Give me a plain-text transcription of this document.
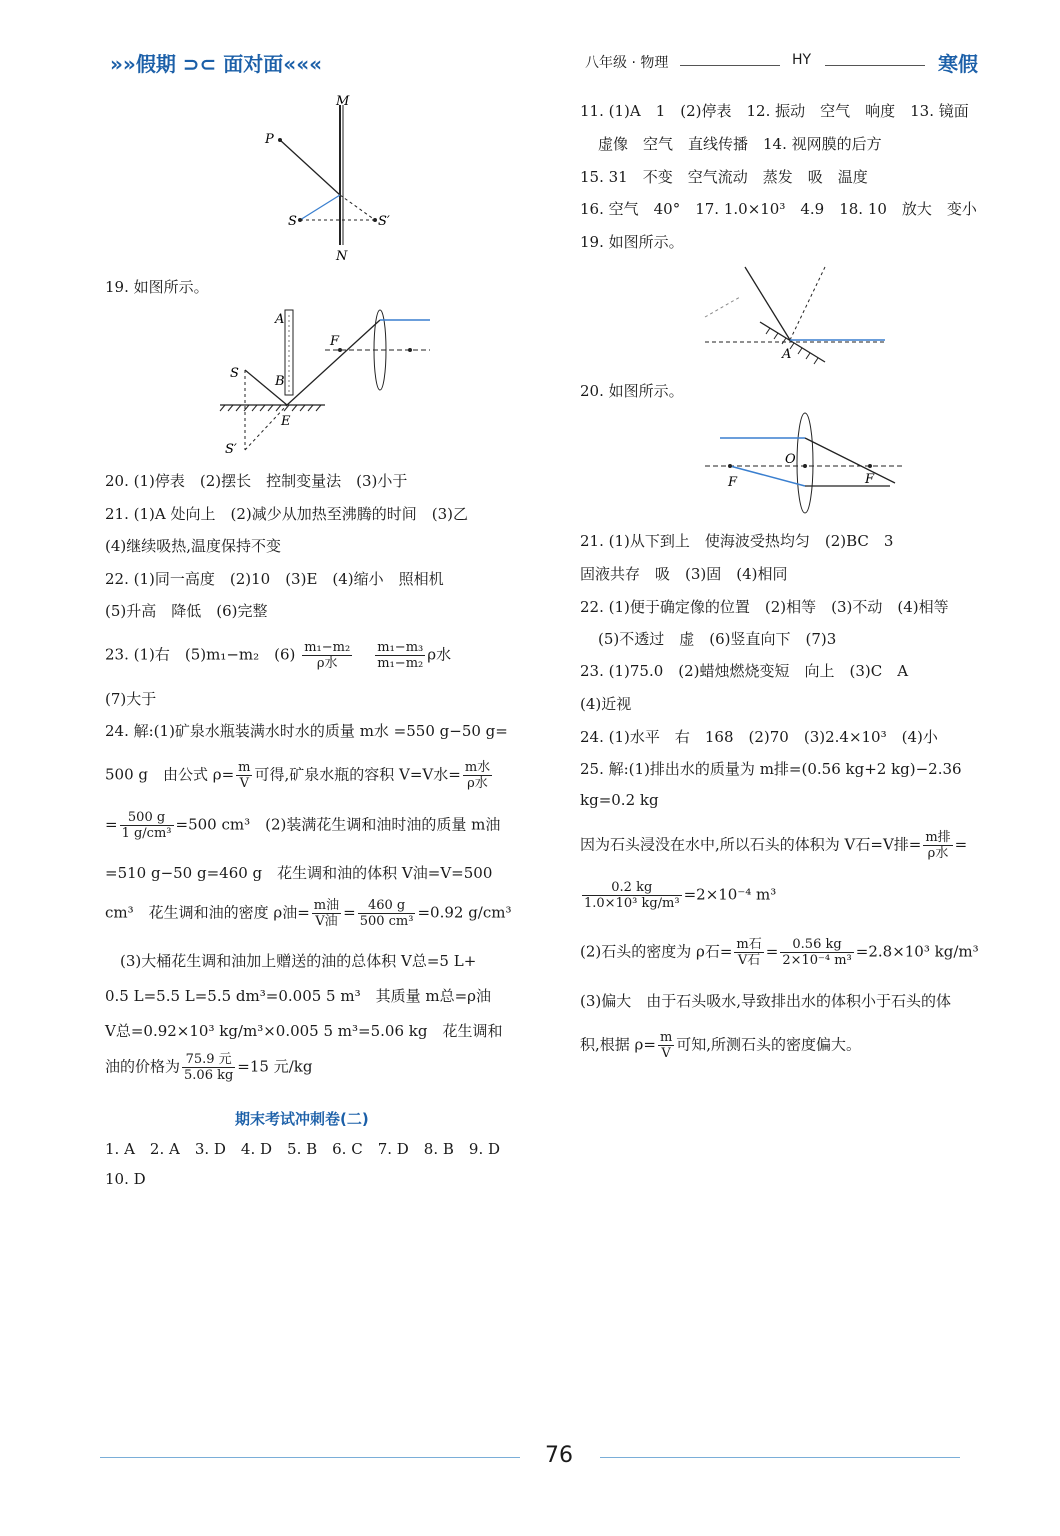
»»假期 ⊃⊂ 面对面«««	八年级 · 物理	HY	寒假
M
P
S	S′
N
19. 如图所示。
A
F
S
B
E
S′
20. (1)停表　(2)摆长　控制变量法　(3)小于
21. (1)A 处向上　(2)减少从加热至沸腾的时间　(3)乙
(4)继续吸热,温度保持不变
22. (1)同一高度　(2)10　(3)E　(4)缩小　照相机
(5)升高　降低　(6)完整
23. (1)右　(5)m₁−m₂　$(6) \frac{\text{m₁−m₂}}{\text{ρ水}}$
$\frac{\text{m₁−m₃}}{\text{m₁−m₂}}$ ρ水
(7)大于
24. 解:(1)矿泉水瓶装满水时水的质量 m水 =550 g−50 g=
500 g　由公式 $\rho= \frac{m}{V}$ 可得,矿泉水瓶的容积 V=V水= $\frac{\text{m水}}{\text{ρ水}}$
= $\frac{500 g}{\text{1 g/cm³}} =500$ cm³　(2)装满花生调和油时油的质量 m油
=510 g−50 g=460 g　花生调和油的体积 V油=V=500
cm³　花生调和油的密度 ρ油= $\frac{\text{m油}}{\text{V油}} = \frac{460 g}{\text{500 cm³}} =0.92$ g/cm³
(3)大桶花生调和油加上赠送的油的总体积 V总=5 L+
0.5 L=5.5 L=5.5 dm³=0.005 5 m³　其质量 m总=ρ油
V总=0.92×10³ kg/m³×0.005 5 m³=5.06 kg　花生调和
油的价格为 $\frac{\text{75.9 元}}{5.06 kg} =15$ 元/kg
期末考试冲刺卷(二)
1. A　2. A　3. D　4. D　5. B　6. C　7. D　8. B　9. D
10. D
11. (1)A　1　(2)停表　12. 振动　空气　响度　13. 镜面
虚像　空气　直线传播　14. 视网膜的后方
15. 31　不变　空气流动　蒸发　吸　温度
16. 空气　40°　17. 1.0×10³　4.9　18. 10　放大　变小
19. 如图所示。
A
20. 如图所示。
O
F	F
21. (1)从下到上　使海波受热均匀　(2)BC　3
固液共存　吸　(3)固　(4)相同
22. (1)便于确定像的位置　(2)相等　(3)不动　(4)相等
(5)不透过　虚　(6)竖直向下　(7)3
23. (1)75.0　(2)蜡烛燃烧变短　向上　(3)C　A
(4)近视
24. (1)水平　右　168　(2)70　(3)2.4×10³　(4)小
25. 解:(1)排出水的质量为 m排=(0.56 kg+2 kg)−2.36
kg=0.2 kg
因为石头浸没在水中,所以石头的体积为 V石=V排= $\frac{\text{m排}}{\text{ρ水}}$ =
$\frac{0.2 kg}{\text{1.0×10³ kg/m³}} =2\times 10^{-4}$ m³
(2)石头的密度为 ρ石= $\frac{\text{m石}}{\text{V石}} = \frac{0.56 kg}{\text{2×10⁻⁴ m³}} =2.8\times 10^3$ kg/m³
(3)偏大　由于石头吸水,导致排出水的体积小于石头的体
积,根据 $\rho= \frac{m}{V}$ 可知,所测石头的密度偏大。
76
